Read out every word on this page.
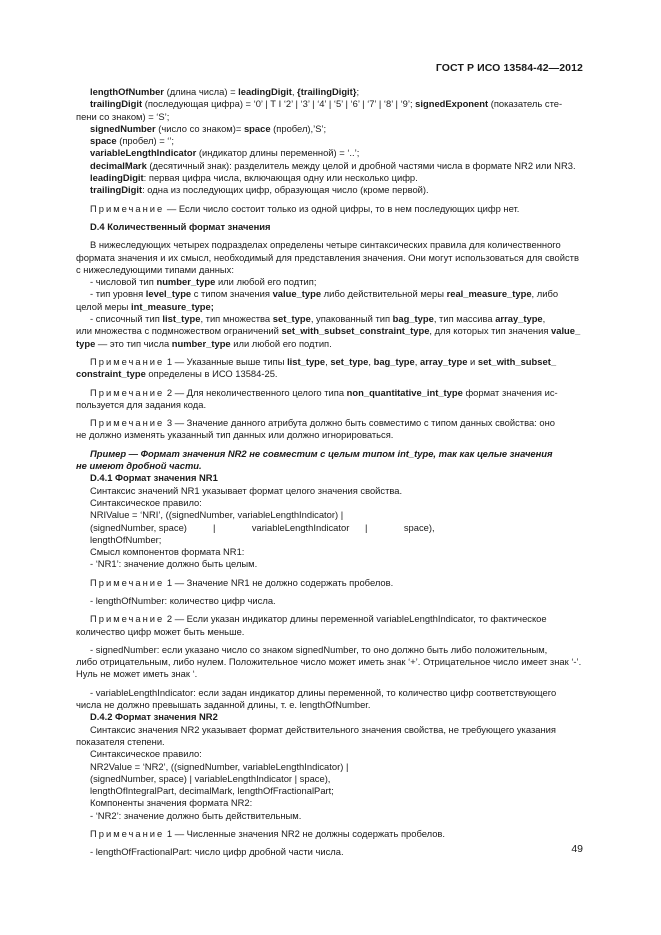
ГОСТ Р ИСО 13584-42—2012
lengthOfNumber (длина числа) = leadingDigit, {trailingDigit};
trailingDigit (последующая цифра) = ‘0’ | Т I ‘2’ | ‘3’ | ‘4’ | ‘5’ | ‘6’ | ‘7’ | ‘8’ | ‘9’; signedExponent (показатель сте-
пени со знаком) = ‘S’;
signedNumber (число со знаком)= space (пробел),’S’;
space (пробел) = ‘’;
variableLengthIndicator (индикатор длины переменной) = ‘..’;
decimalMark (десятичный знак): разделитель между целой и дробной частями числа в формате NR2 или NR3.
leadingDigit: первая цифра числа, включающая одну или несколько цифр.
trailingDigit: одна из последующих цифр, образующая число (кроме первой).
Примечание — Если число состоит только из одной цифры, то в нем последующих цифр нет.
D.4 Количественный формат значения
В нижеследующих четырех подразделах определены четыре синтаксических правила для количественного
формата значения и их смысл, необходимый для представления значения. Они могут использоваться для свойств
с нижеследующими типами данных:
- числовой тип number_type или любой его подтип;
- тип уровня level_type с типом значения value_type либо действительной меры real_measure_type, либо
целой меры int_measure_type;
- списочный тип list_type, тип множества set_type, упакованный тип bag_type, тип массива array_type,
или множества с подмножеством ограничений set_with_subset_constraint_type, для которых тип значения value_
type — это тип числа number_type или любой его подтип.
Примечание 1 — Указанные выше типы list_type, set_type, bag_type, array_type и set_with_subset_
constraint_type определены в ИСО 13584-25.
Примечание 2 — Для неколичественного целого типа non_quantitative_int_type формат значения ис-
пользуется для задания кода.
Примечание 3 — Значение данного атрибута должно быть совместимо с типом данных свойства: оно
не должно изменять указанный тип данных или должно игнорироваться.
Пример — Формат значения NR2 не совместим с целым типом int_type, так как целые значения
не имеют дробной части.
D.4.1 Формат значения NR1
Синтаксис значений NR1 указывает формат целого значения свойства.
Синтаксическое правило:
NRIValue = ‘NRI’, ((signedNumber, variableLengthIndicator) |
(signedNumber, space)          |              variableLengthIndicator      |              space),
lengthOfNumber;
Смысл компонентов формата NR1:
- ‘NR1’: значение должно быть целым.
Примечание 1 — Значение NR1 не должно содержать пробелов.
- lengthOfNumber: количество цифр числа.
Примечание 2 — Если указан индикатор длины переменной variableLengthIndicator, то фактическое
количество цифр может быть меньше.
- signedNumber: если указано число со знаком signedNumber, то оно должно быть либо положительным,
либо отрицательным, либо нулем. Положительное число может иметь знак ‘+’. Отрицательное число имеет знак ‘-’.
Нуль не может иметь знак ‘.
- variableLengthIndicator: если задан индикатор длины переменной, то количество цифр соответствующего
числа не должно превышать заданной длины, т. е. lengthOfNumber.
D.4.2 Формат значения NR2
Синтаксис значения NR2 указывает формат действительного значения свойства, не требующего указания
показателя степени.
Синтаксическое правило:
NR2Value = ‘NR2’, ((signedNumber, variableLengthIndicator) |
(signedNumber, space) | variableLengthIndicator | space),
lengthOfIntegralPart, decimalMark, lengthOfFractionalPart;
Компоненты значения формата NR2:
- ‘NR2’: значение должно быть действительным.
Примечание 1 — Численные значения NR2 не должны содержать пробелов.
- lengthOfFractionalPart: число цифр дробной части числа.	49
